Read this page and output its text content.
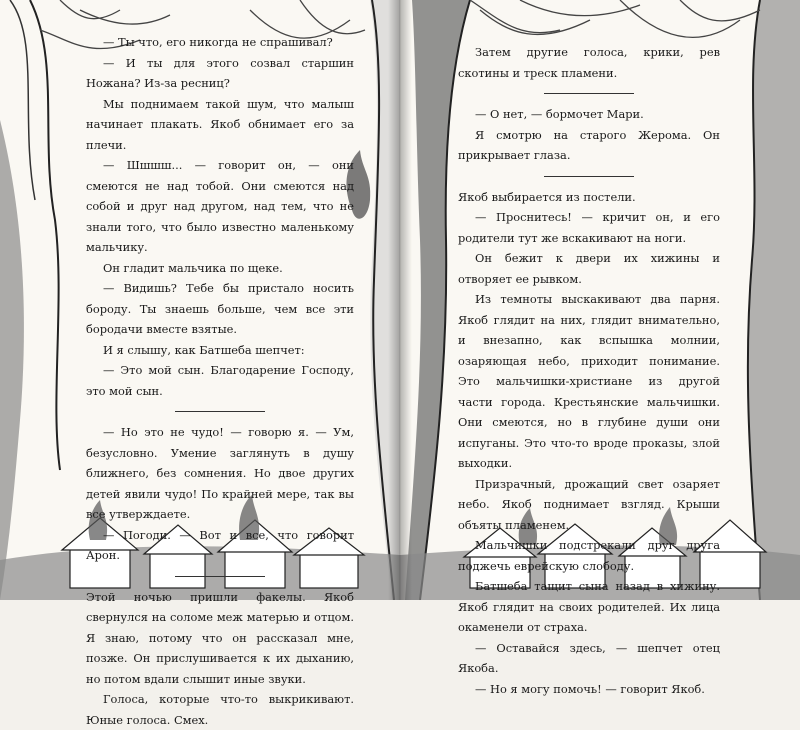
— Ты что, его никогда не спрашивал?

— И ты для этого созвал старшин Ножана? Из-за ресниц?

Мы поднимаем такой шум, что малыш начинает плакать. Якоб обнимает его за плечи.

— Шшшш... — говорит он, — они смеются не над тобой. Они смеются над собой и друг над другом, над тем, что не знали того, что было известно маленькому мальчику.

Он гладит мальчика по щеке.

— Видишь? Тебе бы пристало носить бороду. Ты знаешь больше, чем все эти бородачи вместе взятые.

И я слышу, как Батшеба шепчет:

— Это мой сын. Благодарение Господу, это мой сын.

— Но это не чудо! — говорю я. — Ум, безусловно. Умение заглянуть в душу ближнего, без сомнения. Но двое других детей явили чудо! По крайней мере, так вы все утверждаете.

— Погоди. — Вот и все, что говорит Арон.

Этой ночью пришли факелы. Якоб свернулся на соломе меж матерью и отцом. Я знаю, потому что он рассказал мне, позже. Он прислушивается к их дыханию, но потом вдали слышит иные звуки.

Голоса, которые что-то выкрикивают. Юные голоса. Смех.

Затем другие голоса, крики, рев скотины и треск пламени.

— О нет, — бормочет Мари.

Я смотрю на старого Жерома. Он прикрывает глаза.

Якоб выбирается из постели.

— Проснитесь! — кричит он, и его родители тут же вскакивают на ноги.

Он бежит к двери их хижины и отворяет ее рывком.

Из темноты выскакивают два парня. Якоб глядит на них, глядит внимательно, и внезапно, как вспышка молнии, озаряющая небо, приходит понимание. Это мальчишки-христиане из другой части города. Крестьянские мальчишки. Они смеются, но в глубине души они испуганы. Это что-то вроде проказы, злой выходки.

Призрачный, дрожащий свет озаряет небо. Якоб поднимает взгляд. Крыши объяты пламенем.

Мальчишки подстрекали друг друга поджечь еврейскую слободу.

Батшеба тащит сына назад в хижину. Якоб глядит на своих родителей. Их лица окаменели от страха.

— Оставайся здесь, — шепчет отец Якоба.

— Но я могу помочь! — говорит Якоб.
